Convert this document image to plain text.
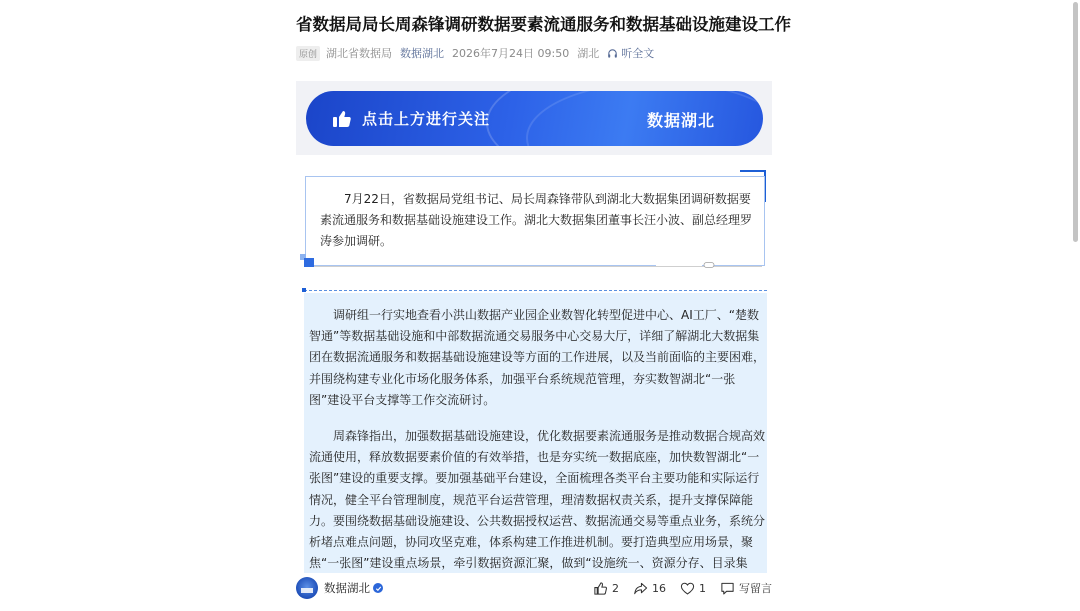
省数据局局长周森锋调研数据要素流通服务和数据基础设施建设工作
原创 湖北省数据局 数据湖北 2026年7月24日 09:50 湖北 听全文
点击上方进行关注	数据湖北
7月22日，省数据局党组书记、局长周森锋带队到湖北大数据集团调研数据要素流通服务和数据基础设施建设工作。湖北大数据集团董事长汪小波、副总经理罗涛参加调研。
调研组一行实地查看小洪山数据产业园企业数智化转型促进中心、AI工厂、“楚数智通”等数据基础设施和中部数据流通交易服务中心交易大厅，详细了解湖北大数据集团在数据流通服务和数据基础设施建设等方面的工作进展，以及当前面临的主要困难，并围绕构建专业化市场化服务体系，加强平台系统规范管理，夯实数智湖北“一张图”建设平台支撑等工作交流研讨。
周森锋指出，加强数据基础设施建设，优化数据要素流通服务是推动数据合规高效流通使用，释放数据要素价值的有效举措，也是夯实统一数据底座，加快数智湖北“一张图”建设的重要支撑。要加强基础平台建设，全面梳理各类平台主要功能和实际运行情况，健全平台管理制度，规范平台运营管理，理清数据权责关系，提升支撑保障能力。要围绕数据基础设施建设、公共数据授权运营、数据流通交易等重点业务，系统分析堵点难点问题，协同攻坚克难，体系构建工作推进机制。要打造典型应用场景，聚焦“一张图”建设重点场景，牵引数据资源汇聚，做到“设施统一、资源分存、目录集
数据湖北	2	16	1	写留言
